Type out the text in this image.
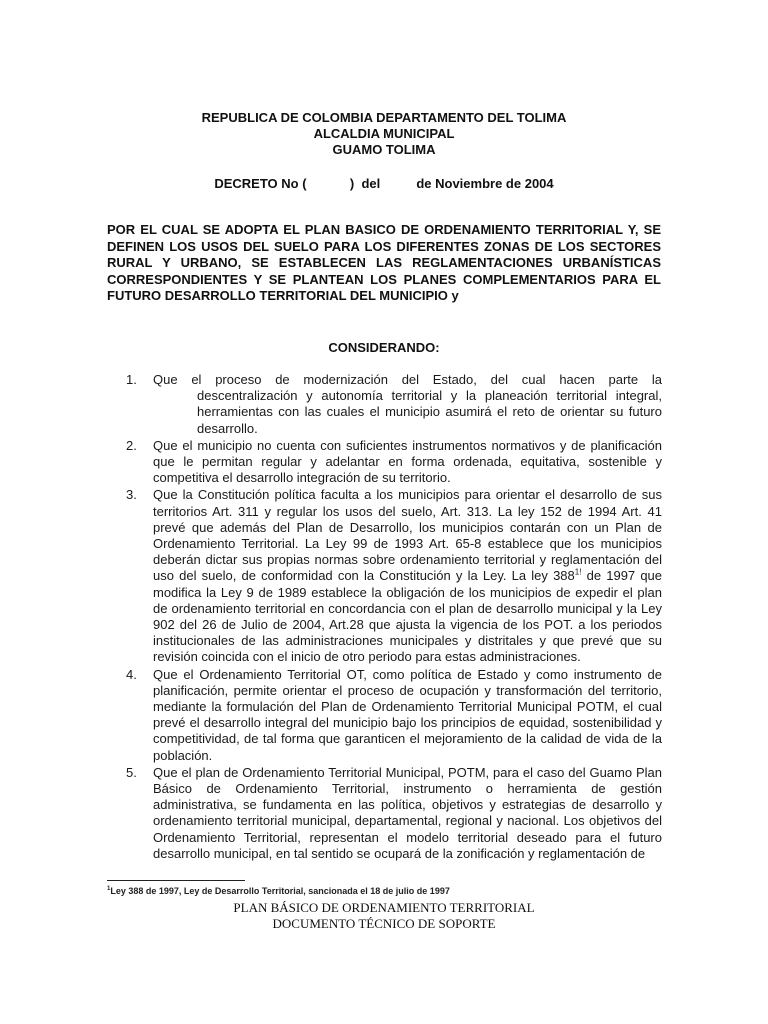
REPUBLICA DE COLOMBIA DEPARTAMENTO DEL TOLIMA
ALCALDIA MUNICIPAL
GUAMO TOLIMA
DECRETO No (            )  del          de Noviembre de 2004
POR EL CUAL SE ADOPTA EL PLAN BASICO DE ORDENAMIENTO TERRITORIAL Y, SE DEFINEN LOS USOS DEL SUELO PARA LOS DIFERENTES ZONAS DE LOS SECTORES RURAL Y URBANO, SE ESTABLECEN LAS REGLAMENTACIONES URBANÍSTICAS CORRESPONDIENTES Y SE PLANTEAN LOS PLANES COMPLEMENTARIOS PARA EL FUTURO DESARROLLO TERRITORIAL DEL MUNICIPIO y
CONSIDERANDO:
1. Que el proceso de modernización del Estado, del cual hacen parte la
descentralización y autonomía territorial y la planeación territorial integral, herramientas con las cuales el municipio asumirá el reto de orientar su futuro desarrollo.
2. Que el municipio no cuenta con suficientes instrumentos normativos y de planificación que le permitan regular y adelantar en forma ordenada, equitativa, sostenible y competitiva el desarrollo integración de su territorio.
3. Que la Constitución política faculta a los municipios para orientar el desarrollo de sus territorios Art. 311 y regular los usos del suelo, Art. 313. La ley 152 de 1994 Art. 41 prevé que además del Plan de Desarrollo, los municipios contarán con un Plan de Ordenamiento Territorial. La Ley 99 de 1993 Art. 65-8 establece que los municipios deberán dictar sus propias normas sobre ordenamiento territorial y reglamentación del uso del suelo, de conformidad con la Constitución y la Ley. La ley 388$^{1!}$ de 1997 que modifica la Ley 9 de 1989 establece la obligación de los municipios de expedir el plan de ordenamiento territorial en concordancia con el plan de desarrollo municipal y la Ley 902 del 26 de Julio de 2004, Art.28 que ajusta la vigencia de los POT. a los periodos institucionales de las administraciones municipales y distritales y que prevé que su revisión coincida con el inicio de otro periodo para estas administraciones.
4. Que el Ordenamiento Territorial OT, como política de Estado y como instrumento de planificación, permite orientar el proceso de ocupación y transformación del territorio, mediante la formulación del Plan de Ordenamiento Territorial Municipal POTM, el cual prevé el desarrollo integral del municipio bajo los principios de equidad, sostenibilidad y competitividad, de tal forma que garanticen el mejoramiento de la calidad de vida de la población.
5. Que el plan de Ordenamiento Territorial Municipal, POTM, para el caso del Guamo Plan Básico de Ordenamiento Territorial, instrumento o herramienta de gestión administrativa, se fundamenta en las política, objetivos y estrategias de desarrollo y ordenamiento territorial municipal, departamental, regional y nacional. Los objetivos del Ordenamiento Territorial, representan el modelo territorial deseado para el futuro desarrollo municipal, en tal sentido se ocupará de la zonificación y reglamentación de
$^1$Ley 388 de 1997, Ley de Desarrollo Territorial, sancionada el 18 de julio de 1997
PLAN BÁSICO DE ORDENAMIENTO TERRITORIAL
DOCUMENTO TÉCNICO DE SOPORTE
